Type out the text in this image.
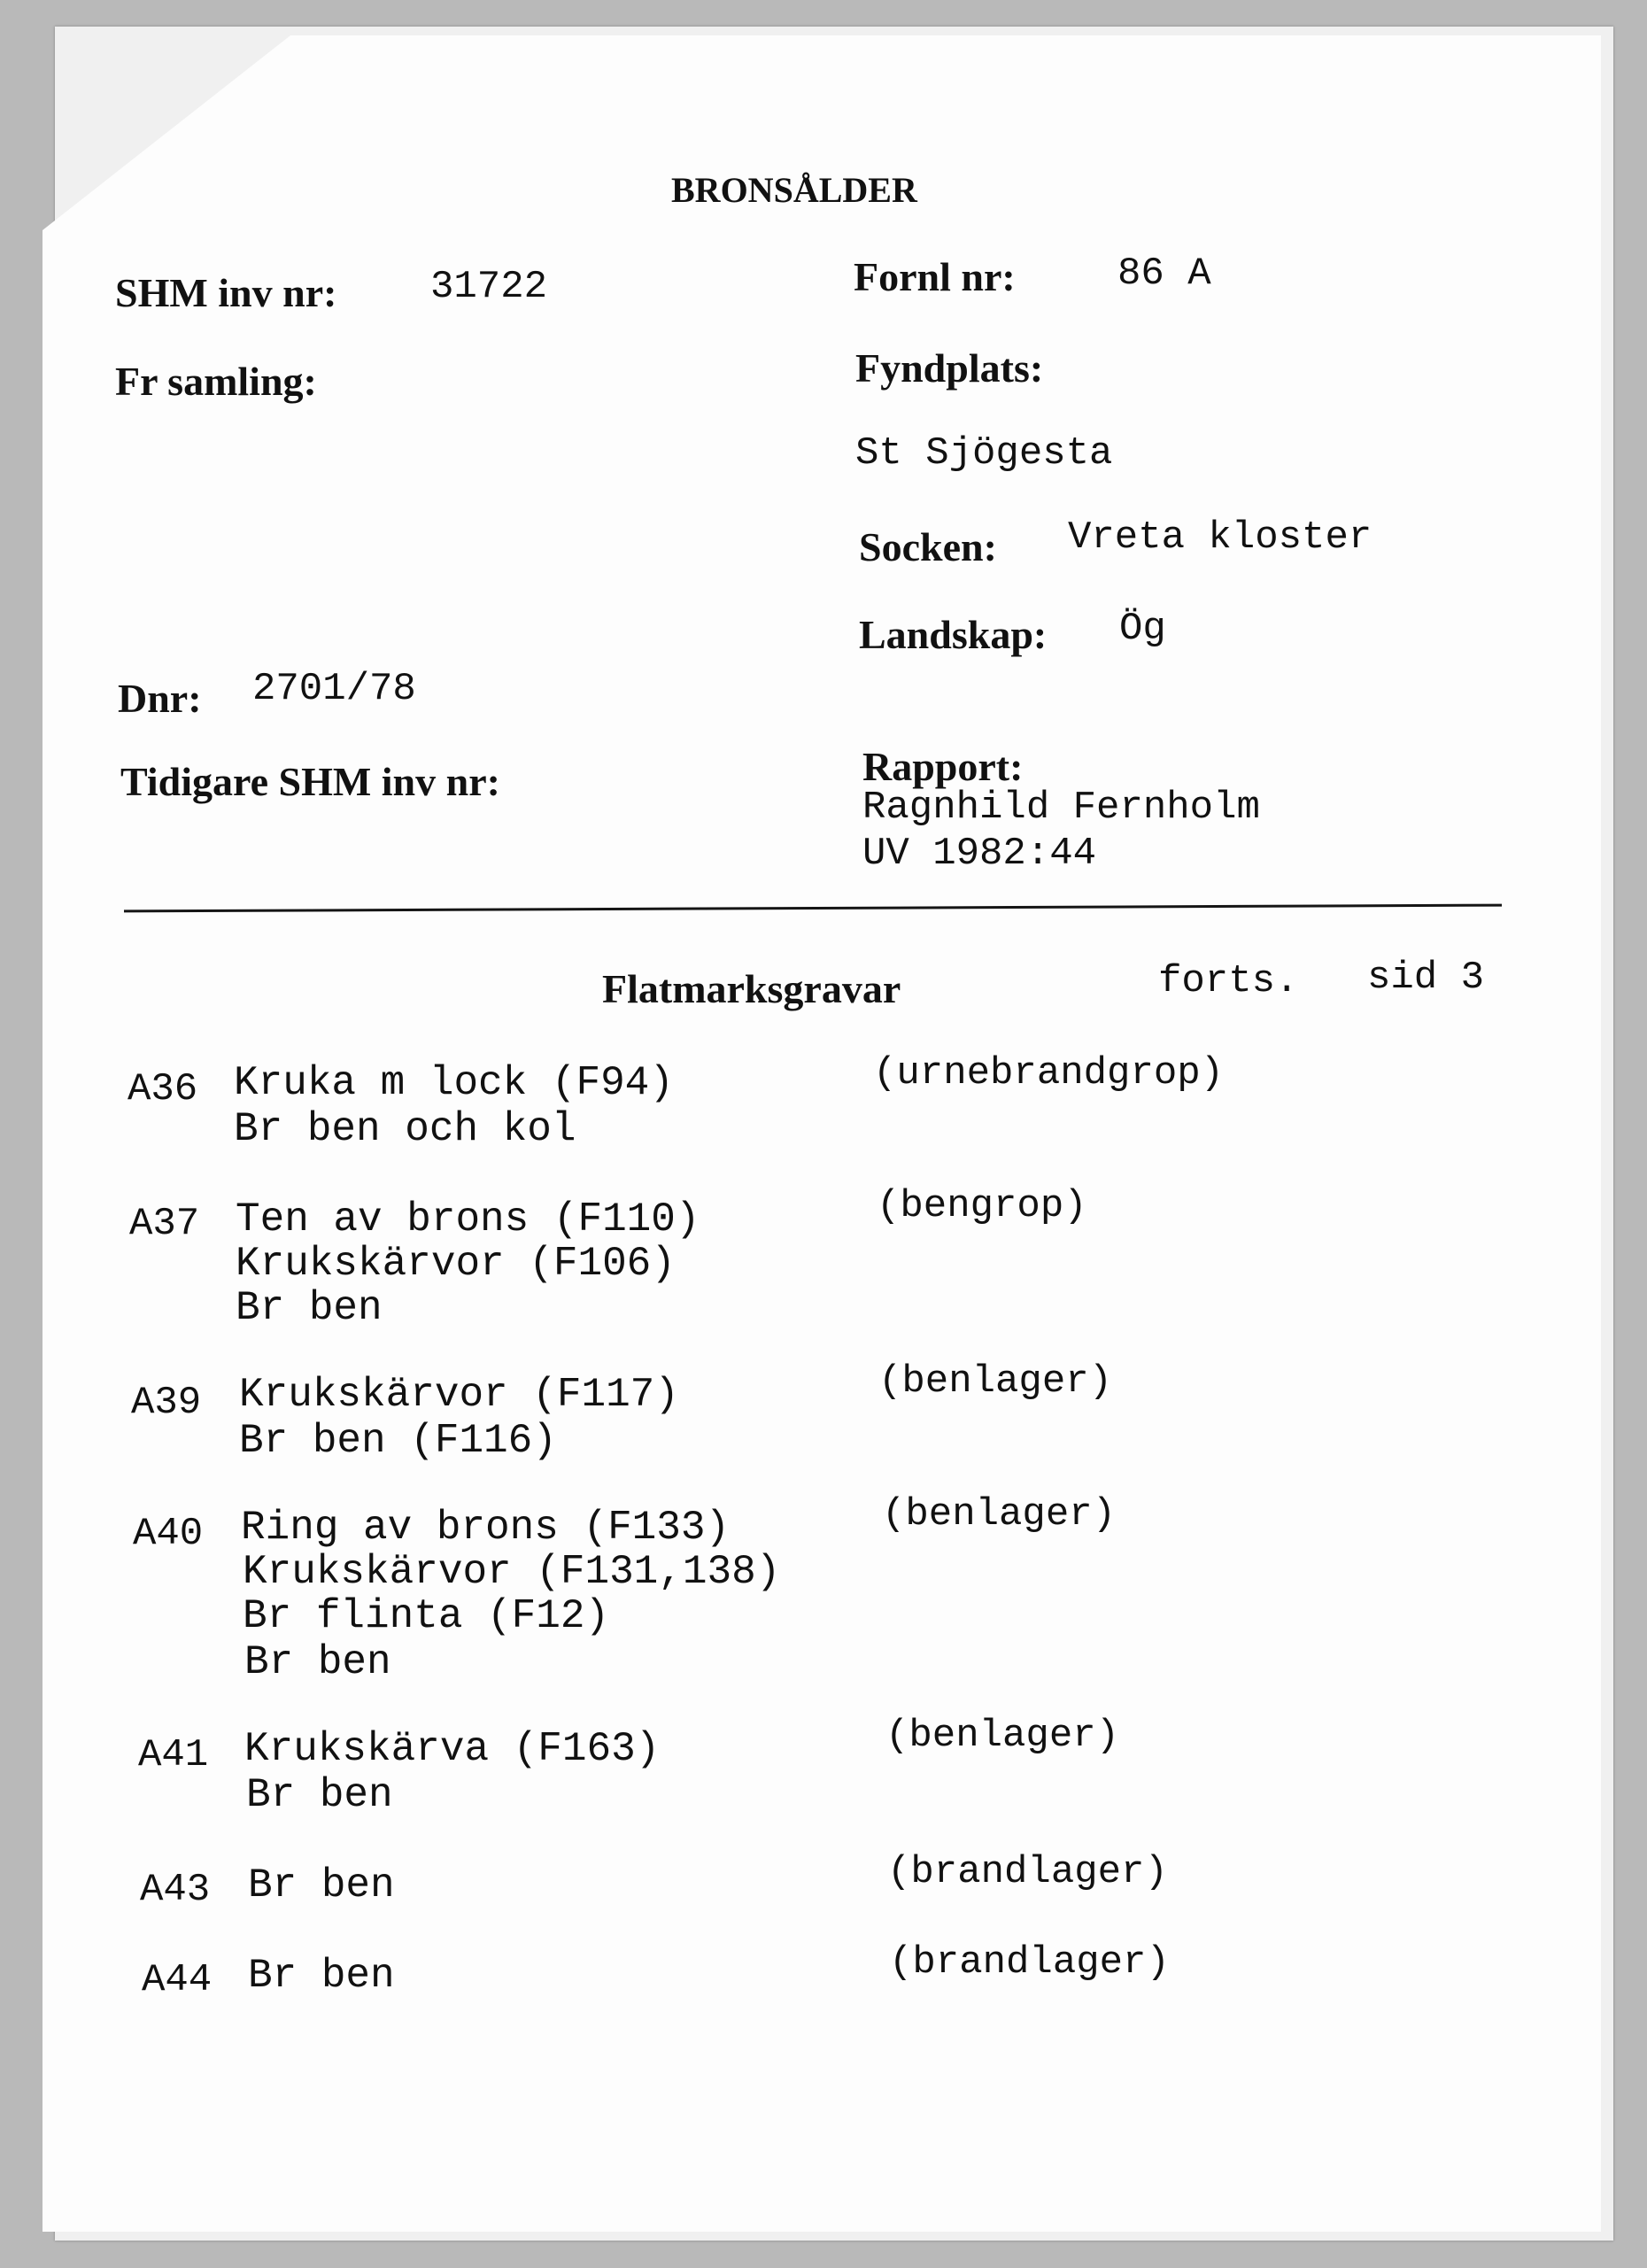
BRONSÅLDER
SHM inv nr: 31722	Fornl nr:	86 A
Fr samling:	Fyndplats:
St Sjögesta
Socken: Vreta kloster
Landskap: Ög
Dnr: 2701/78
Tidigare SHM inv nr:	Rapport:
Ragnhild Fernholm
UV 1982:44
Flatmarksgravar	forts. sid 3
A36 Kruka m lock (F94)
Br ben och kol
(urnebrandgrop)
A37 Ten av brons (F110)
Krukskärvor (F106)
Br ben
(bengrop)
A39 Krukskärvor (F117)
Br ben (F116)
(benlager)
A40 Ring av brons (F133)
Krukskärvor (F131,138)
Br flinta (F12)
Br ben
(benlager)
A41 Krukskärva (F163)
Br ben
(benlager)
A43 Br ben	(brandlager)
A44 Br ben	(brandlager)
